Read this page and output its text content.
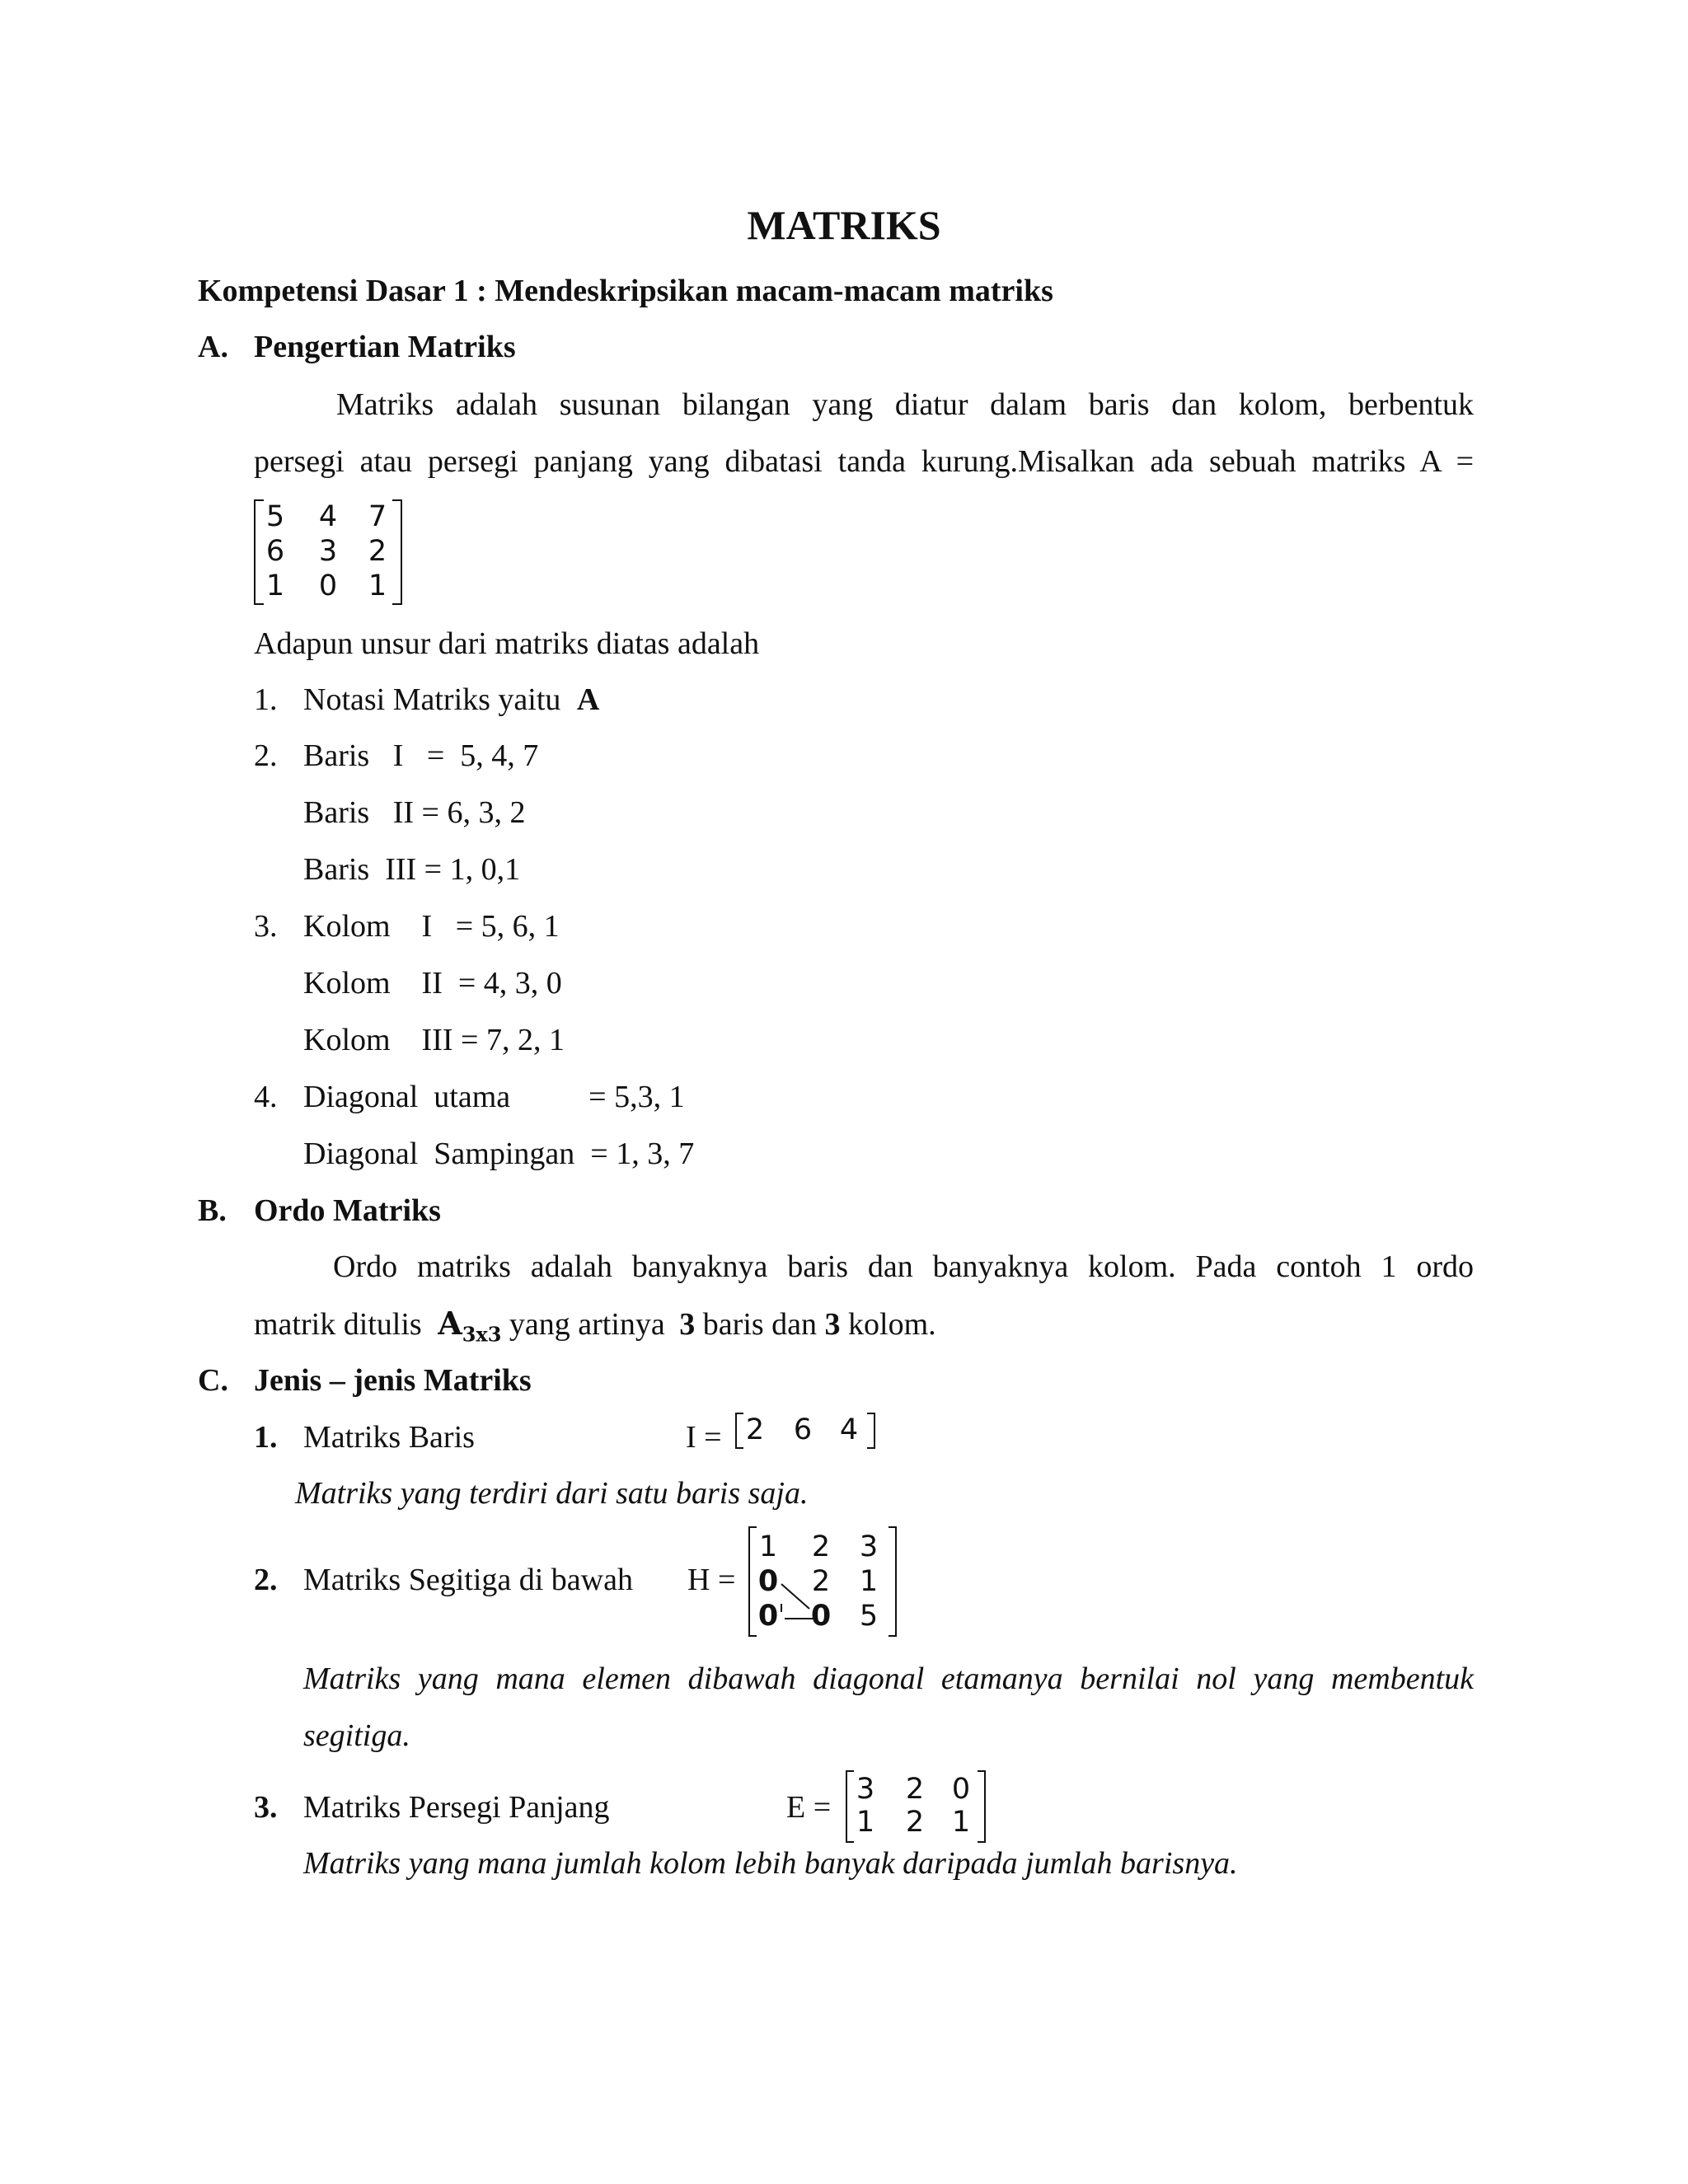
MATRIKS
Kompetensi Dasar 1 : Mendeskripsikan macam-macam matriks
A. Pengertian Matriks
Matriks adalah susunan bilangan yang diatur dalam baris dan kolom, berbentuk
persegi atau persegi panjang yang dibatasi tanda kurung.Misalkan ada sebuah matriks A =
5 4 7
6 3 2
1 0 1
Adapun unsur dari matriks diatas adalah
1. Notasi Matriks yaitu A
2. Baris   I   =  5, 4, 7
Baris   II = 6, 3, 2
Baris  III = 1, 0,1
3. Kolom    I   = 5, 6, 1
Kolom    II  = 4, 3, 0
Kolom    III = 7, 2, 1
4. Diagonal  utama          = 5,3, 1
Diagonal  Sampingan  = 1, 3, 7
B. Ordo Matriks
Ordo matriks adalah banyaknya baris dan banyaknya kolom. Pada contoh 1 ordo
matrik ditulis $A_{3x3}$ yang artinya 3 baris dan 3 kolom.
C. Jenis – jenis Matriks
1. Matriks Baris	I = 2 6 4
Matriks yang terdiri dari satu baris saja.
2. Matriks Segitiga di bawah H =
1 2 3
0 2 1
0 0 5
Matriks yang mana elemen dibawah diagonal etamanya bernilai nol yang membentuk
segitiga.
3. Matriks Persegi Panjang	E =
3 2 0
1 2 1
Matriks yang mana jumlah kolom lebih banyak daripada jumlah barisnya.
